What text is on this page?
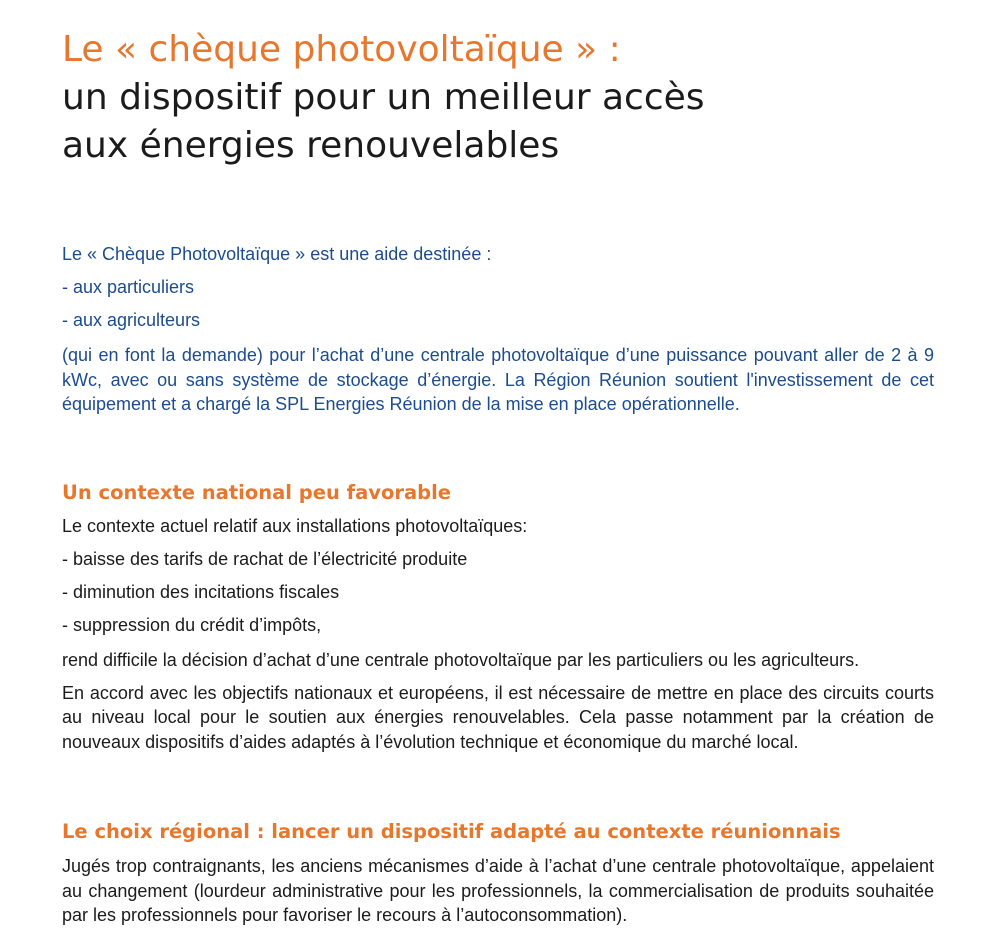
Le « chèque photovoltaïque » :
un dispositif pour un meilleur accès
aux énergies renouvelables
Le « Chèque Photovoltaïque » est une aide destinée :
- aux particuliers
- aux agriculteurs
(qui en font la demande) pour l’achat d’une centrale photovoltaïque d’une puissance pouvant aller de 2 à 9 kWc, avec ou sans système de stockage d’énergie. La Région Réunion soutient l'investissement de cet équipement et a chargé la SPL Energies Réunion de la mise en place opérationnelle.
Un contexte national peu favorable
Le contexte actuel relatif aux installations photovoltaïques:
- baisse des tarifs de rachat de l’électricité produite
- diminution des incitations fiscales
- suppression du crédit d’impôts,
rend difficile la décision d’achat d’une centrale photovoltaïque par les particuliers ou les agriculteurs.
En accord avec les objectifs nationaux et européens, il est nécessaire de mettre en place des circuits courts au niveau local pour le soutien aux énergies renouvelables. Cela passe notamment par la création de nouveaux dispositifs d’aides adaptés à l’évolution technique et économique du marché local.
Le choix régional : lancer un dispositif adapté au contexte réunionnais
Jugés trop contraignants, les anciens mécanismes d’aide à l’achat d’une centrale photovoltaïque, appelaient au changement (lourdeur administrative pour les professionnels, la commercialisation de produits souhaitée par les professionnels pour favoriser le recours à l’autoconsommation).
